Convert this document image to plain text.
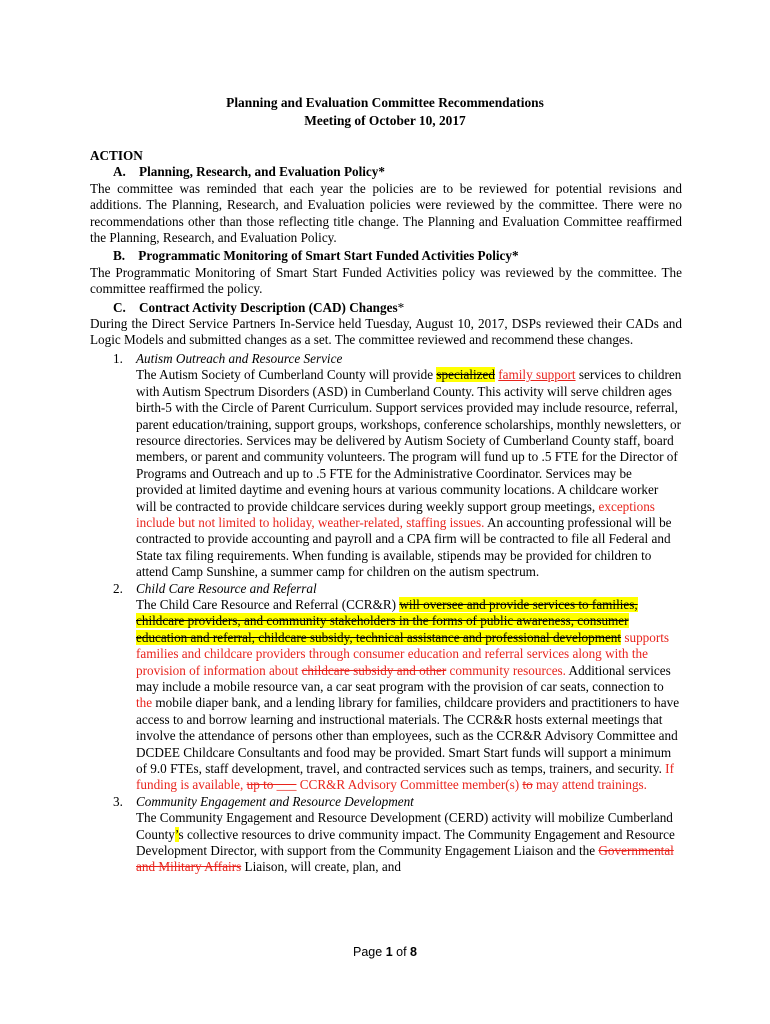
Planning and Evaluation Committee Recommendations
Meeting of October 10, 2017
ACTION
A. Planning, Research, and Evaluation Policy*
The committee was reminded that each year the policies are to be reviewed for potential revisions and additions. The Planning, Research, and Evaluation policies were reviewed by the committee. There were no recommendations other than those reflecting title change. The Planning and Evaluation Committee reaffirmed the Planning, Research, and Evaluation Policy.
B. Programmatic Monitoring of Smart Start Funded Activities Policy*
The Programmatic Monitoring of Smart Start Funded Activities policy was reviewed by the committee. The committee reaffirmed the policy.
C. Contract Activity Description (CAD) Changes*
During the Direct Service Partners In-Service held Tuesday, August 10, 2017, DSPs reviewed their CADs and Logic Models and submitted changes as a set. The committee reviewed and recommend these changes.
1. Autism Outreach and Resource Service
The Autism Society of Cumberland County will provide specialized family support services to children with Autism Spectrum Disorders (ASD) in Cumberland County. This activity will serve children ages birth-5 with the Circle of Parent Curriculum. Support services provided may include resource, referral, parent education/training, support groups, workshops, conference scholarships, monthly newsletters, or resource directories. Services may be delivered by Autism Society of Cumberland County staff, board members, or parent and community volunteers. The program will fund up to .5 FTE for the Director of Programs and Outreach and up to .5 FTE for the Administrative Coordinator. Services may be provided at limited daytime and evening hours at various community locations. A childcare worker will be contracted to provide childcare services during weekly support group meetings, exceptions include but not limited to holiday, weather-related, staffing issues. An accounting professional will be contracted to provide accounting and payroll and a CPA firm will be contracted to file all Federal and State tax filing requirements. When funding is available, stipends may be provided for children to attend Camp Sunshine, a summer camp for children on the autism spectrum.
2. Child Care Resource and Referral
The Child Care Resource and Referral (CCR&R) will oversee and provide services to families, childcare providers, and community stakeholders in the forms of public awareness, consumer education and referral, childcare subsidy, technical assistance and professional development supports families and childcare providers through consumer education and referral services along with the provision of information about childcare subsidy and other community resources. Additional services may include a mobile resource van, a car seat program with the provision of car seats, connection to the mobile diaper bank, and a lending library for families, childcare providers and practitioners to have access to and borrow learning and instructional materials. The CCR&R hosts external meetings that involve the attendance of persons other than employees, such as the CCR&R Advisory Committee and DCDEE Childcare Consultants and food may be provided. Smart Start funds will support a minimum of 9.0 FTEs, staff development, travel, and contracted services such as temps, trainers, and security. If funding is available, up to ___ CCR&R Advisory Committee member(s) to may attend trainings.
3. Community Engagement and Resource Development
The Community Engagement and Resource Development (CERD) activity will mobilize Cumberland County’s collective resources to drive community impact. The Community Engagement and Resource Development Director, with support from the Community Engagement Liaison and the Governmental and Military Affairs Liaison, will create, plan, and
Page 1 of 8
